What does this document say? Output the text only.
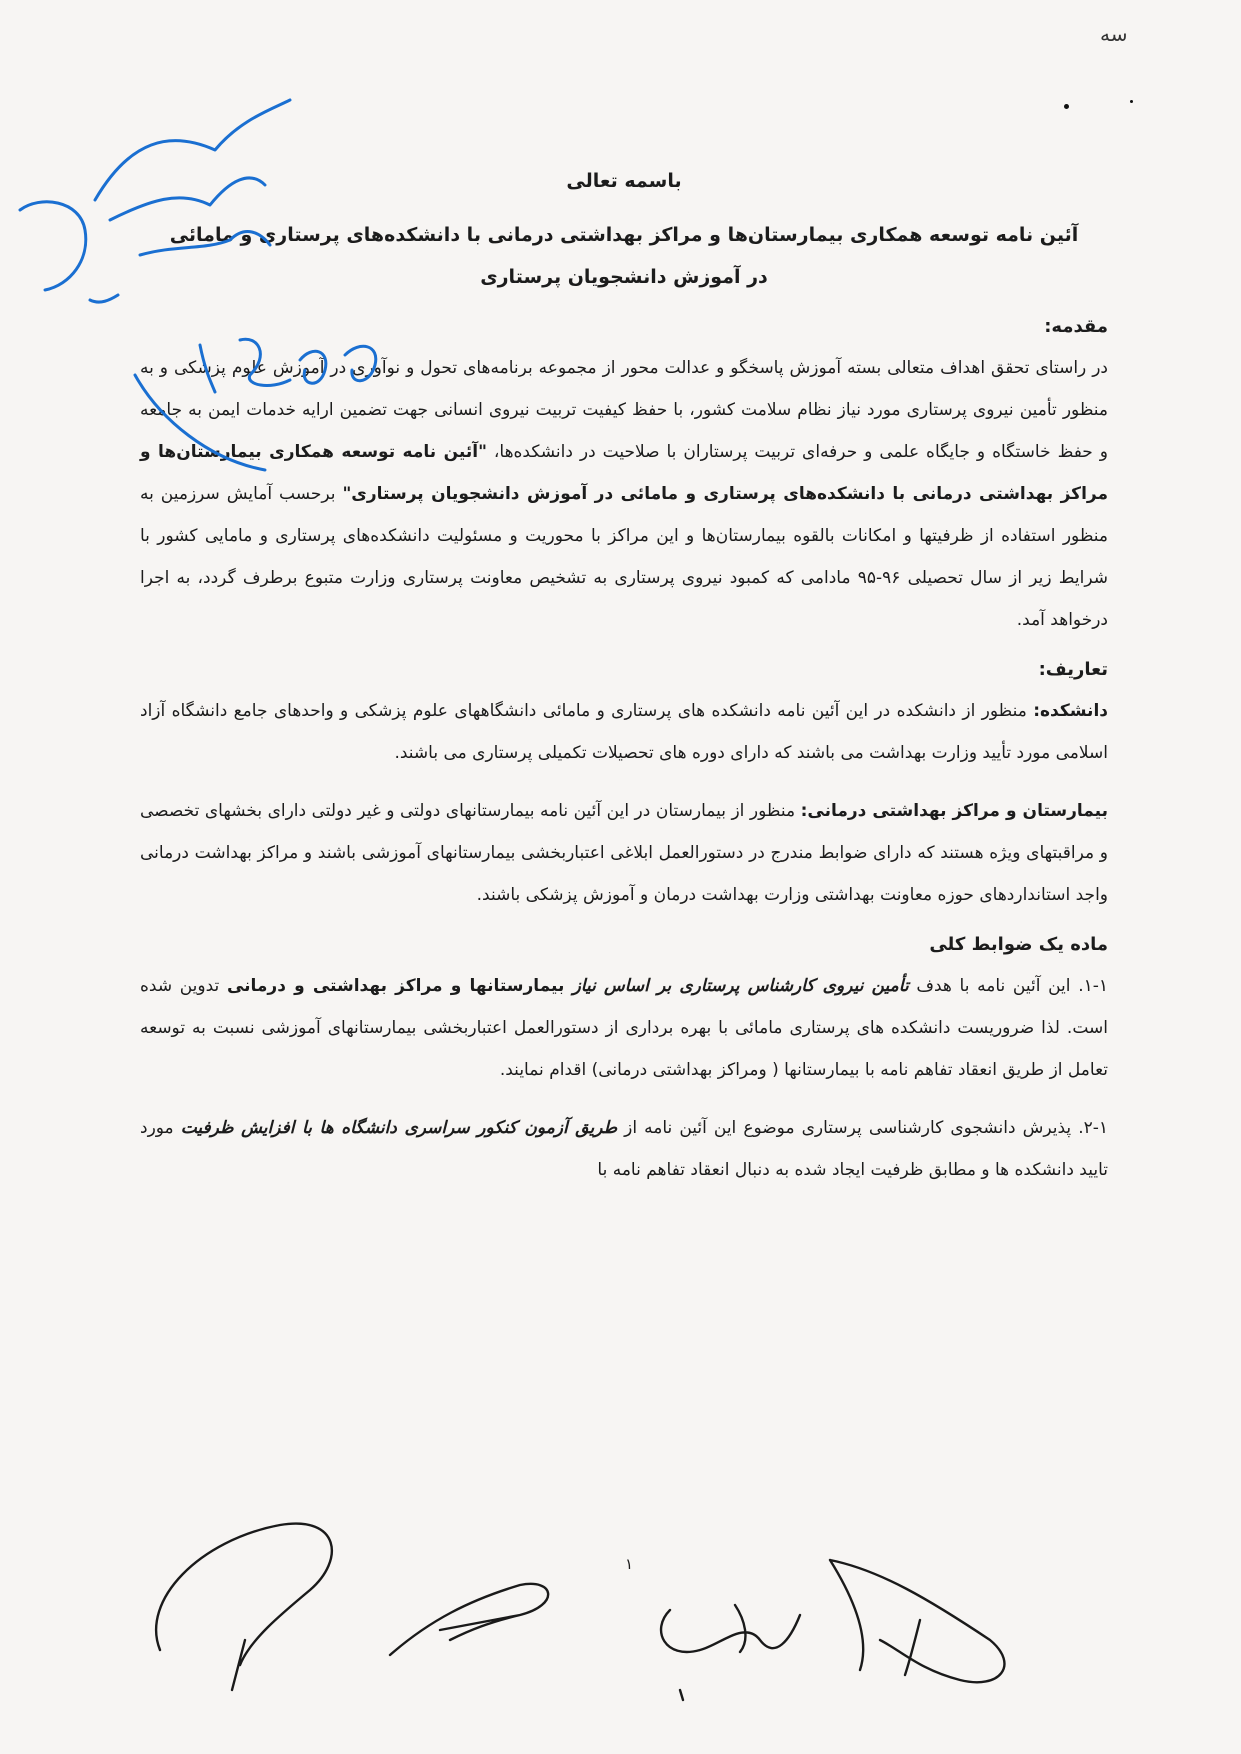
سه
باسمه تعالی
آئین نامه توسعه همکاری بیمارستان‌ها و مراکز بهداشتی درمانی با دانشکده‌های پرستاری و مامائی
در آموزش دانشجویان پرستاری
مقدمه:

در راستای تحقق اهداف متعالی بسته آموزش پاسخگو و عدالت محور از مجموعه برنامه‌های تحول و نوآوری در آموزش علوم پزشکی و به منظور تأمین نیروی پرستاری مورد نیاز نظام سلامت کشور، با حفظ کیفیت تربیت نیروی انسانی جهت تضمین ارایه خدمات ایمن به جامعه و حفظ خاستگاه و جایگاه علمی و حرفه‌ای تربیت پرستاران با صلاحیت در دانشکده‌ها، "آئین نامه توسعه همکاری بیمارستان‌ها و مراکز بهداشتی درمانی با دانشکده‌های پرستاری و مامائی در آموزش دانشجویان پرستاری" برحسب آمایش سرزمین به منظور استفاده از ظرفیتها و امکانات بالقوه بیمارستان‌ها و این مراکز با محوریت و مسئولیت دانشکده‌های پرستاری و مامایی کشور با شرایط زیر از سال تحصیلی ۹۶-۹۵ مادامی که کمبود نیروی پرستاری به تشخیص معاونت پرستاری وزارت متبوع برطرف گردد، به اجرا درخواهد آمد.

تعاریف:

دانشکده: منظور از دانشکده در این آئین نامه دانشکده های پرستاری و مامائی دانشگاههای علوم پزشکی و واحدهای جامع دانشگاه آزاد اسلامی مورد تأیید وزارت بهداشت می باشند که دارای دوره های تحصیلات تکمیلی پرستاری می باشند.

بیمارستان و مراکز بهداشتی درمانی: منظور از بیمارستان در این آئین نامه بیمارستانهای دولتی و غیر دولتی دارای بخشهای تخصصی و مراقبتهای ویژه هستند که دارای ضوابط مندرج در دستورالعمل ابلاغی اعتباربخشی بیمارستانهای آموزشی باشند و مراکز بهداشت درمانی واجد استانداردهای حوزه معاونت بهداشتی وزارت بهداشت درمان و آموزش پزشکی باشند.

ماده یک ضوابط کلی

۱-۱. این آئین نامه با هدف تأمین نیروی کارشناس پرستاری بر اساس نیاز بیمارستانها و مراکز بهداشتی و درمانی تدوین شده است. لذا ضروریست دانشکده های پرستاری مامائی با بهره برداری از دستورالعمل اعتباربخشی بیمارستانهای آموزشی نسبت به توسعه تعامل از طریق انعقاد تفاهم نامه با بیمارستانها ( ومراکز بهداشتی درمانی) اقدام نمایند.

۲-۱. پذیرش دانشجوی کارشناسی پرستاری موضوع این آئین نامه از طریق آزمون کنکور سراسری دانشگاه ها با افزایش ظرفیت مورد تایید دانشکده ها و مطابق ظرفیت ایجاد شده به دنبال انعقاد تفاهم نامه با

۱
